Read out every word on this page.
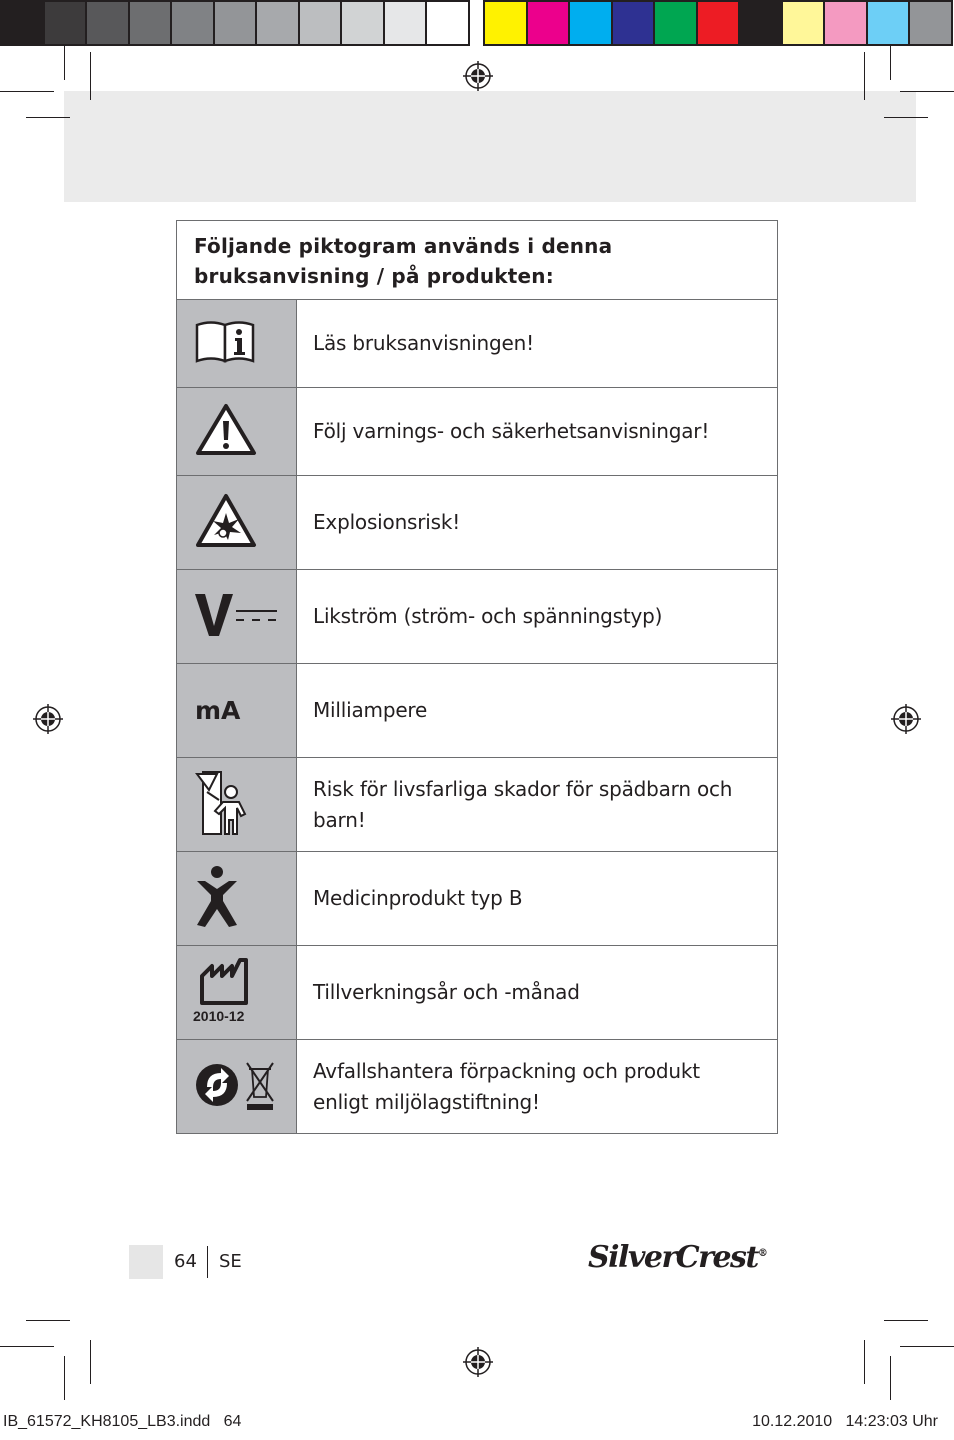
Följande piktogram används i denna bruksanvisning / på produkten:	
	Läs bruksanvisningen!
	Följ varnings- och säkerhetsanvisningar!
	Explosionsrisk!
	Likström (ström- och spänningstyp)
mA	Milliampere
	Risk för livsfarliga skador för spädbarn och barn!
	Medicinprodukt typ B

2010-12	Tillverkningsår och -månad
	Avfallshantera förpackning och produkt enligt miljölagstiftning!
64 SE	SilverCrest®
IB_61572_KH8105_LB3.indd   64	10.12.2010   14:23:03 Uhr
